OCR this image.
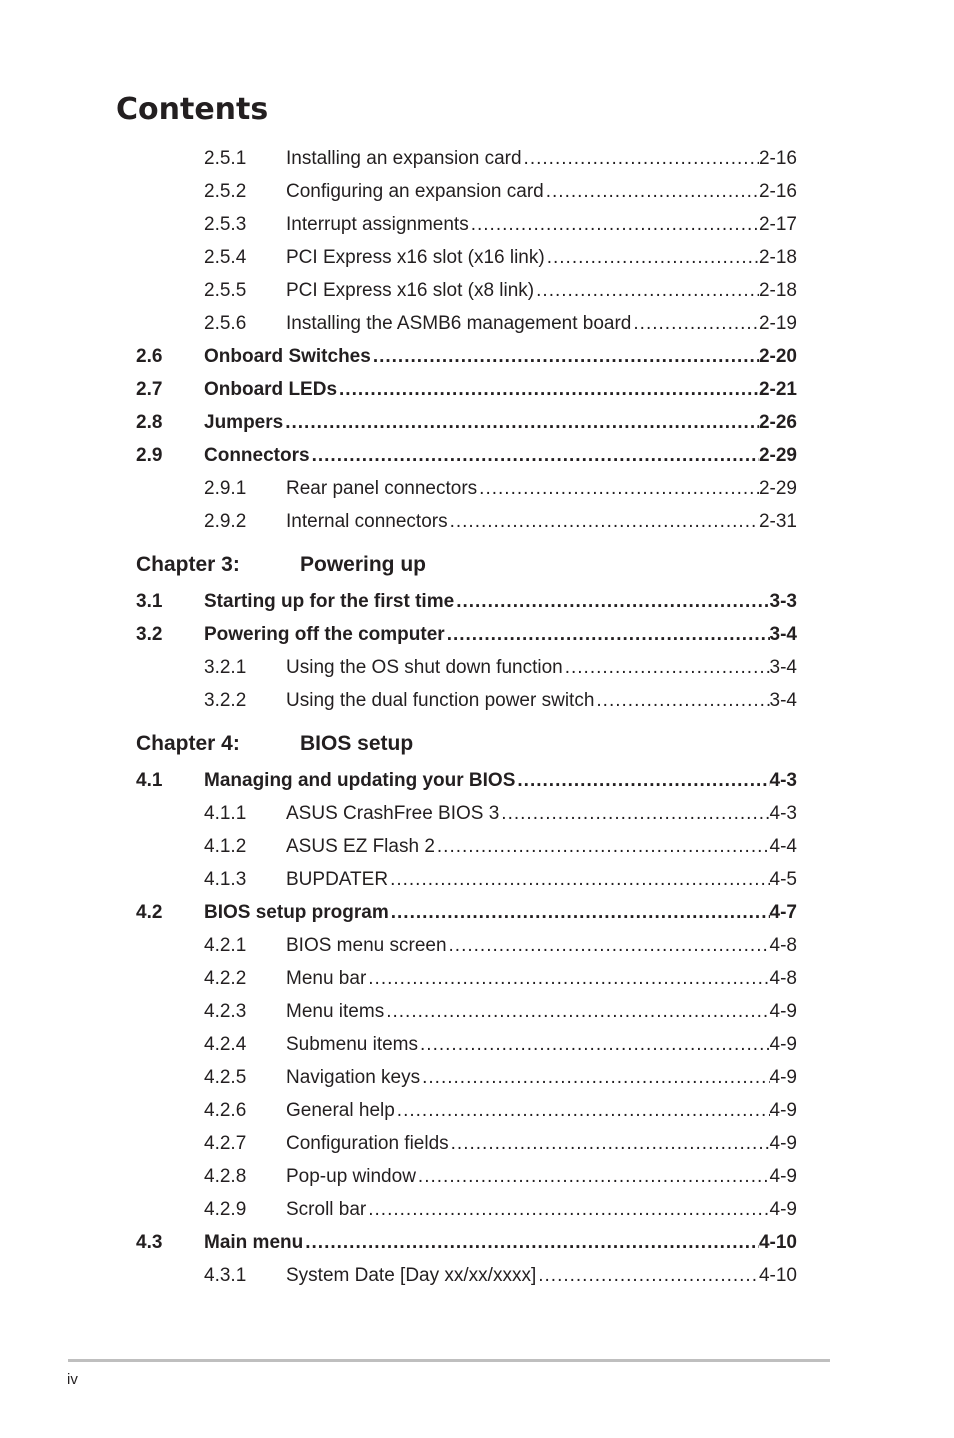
Contents
2.5.1 Installing an expansion card .....	2-16
2.5.2 Configuring an expansion card .....	2-16
2.5.3 Interrupt assignments .....	2-17
2.5.4 PCI Express x16 slot (x16 link) .....	2-18
2.5.5 PCI Express x16 slot (x8 link) .....	2-18
2.5.6 Installing the ASMB6 management board .....	2-19
2.6 Onboard Switches .....	2-20
2.7 Onboard LEDs .....	2-21
2.8 Jumpers .....	2-26
2.9 Connectors .....	2-29
2.9.1 Rear panel connectors .....	2-29
2.9.2 Internal connectors .....	2-31
Chapter 3:	Powering up
3.1 Starting up for the first time .....	3-3
3.2 Powering off the computer .....	3-4
3.2.1 Using the OS shut down function .....	3-4
3.2.2 Using the dual function power switch .....	3-4
Chapter 4:	BIOS setup
4.1 Managing and updating your BIOS .....	4-3
4.1.1 ASUS CrashFree BIOS 3 .....	4-3
4.1.2 ASUS EZ Flash 2 .....	4-4
4.1.3 BUPDATER .....	4-5
4.2 BIOS setup program .....	4-7
4.2.1 BIOS menu screen .....	4-8
4.2.2 Menu bar .....	4-8
4.2.3 Menu items .....	4-9
4.2.4 Submenu items .....	4-9
4.2.5 Navigation keys .....	4-9
4.2.6 General help .....	4-9
4.2.7 Configuration fields .....	4-9
4.2.8 Pop-up window .....	4-9
4.2.9 Scroll bar .....	4-9
4.3 Main menu .....	4-10
4.3.1 System Date [Day xx/xx/xxxx] .....	4-10
iv
